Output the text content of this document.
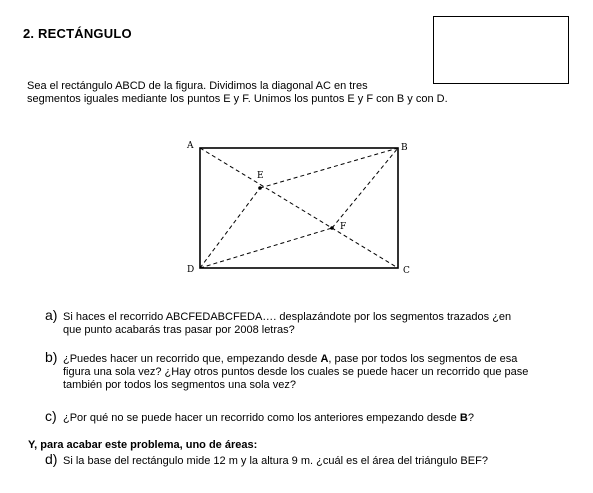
2. RECTÁNGULO
Sea el rectángulo ABCD de la figura. Dividimos la diagonal AC en tres
segmentos iguales mediante los puntos E y F. Unimos los puntos E y F con B y con D.
A	B
C
D
E
F
a) Si haces el recorrido ABCFEDABCFEDA…. desplazándote por los segmentos trazados ¿en
que punto acabarás tras pasar por 2008 letras?
b) ¿Puedes hacer un recorrido que, empezando desde A, pase por todos los segmentos de esa
figura una sola vez? ¿Hay otros puntos desde los cuales se puede hacer un recorrido que pase
también por todos los segmentos una sola vez?
c) ¿Por qué no se puede hacer un recorrido como los anteriores empezando desde B?
Y, para acabar este problema, uno de áreas:
d) Si la base del rectángulo mide 12 m y la altura 9 m. ¿cuál es el área del triángulo BEF?
